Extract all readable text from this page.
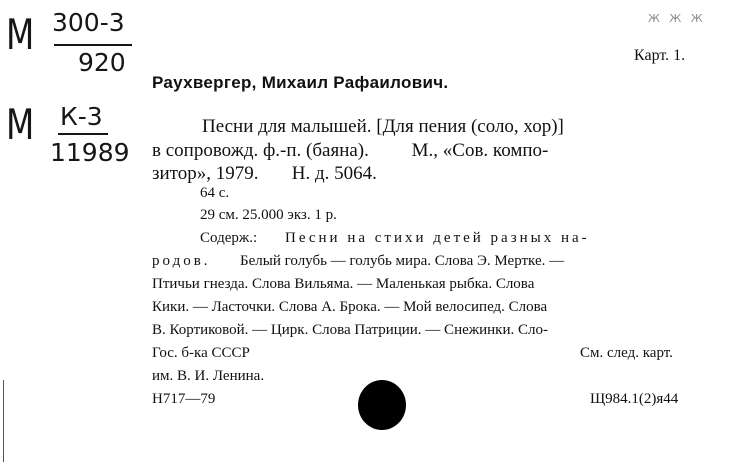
М 300-3
920
М К-3
11989
Ж Ж Ж
Карт. 1.
Раухвергер, Михаил Рафаилович.
Песни для малышей. [Для пения (соло, хор)]
в сопровожд. ф.-п. (баяна).         М., «Сов. компо-
зитор», 1979.       Н. д. 5064.
64 с.
29 см. 25.000 экз. 1 р.
Содерж.: Песни на стихи детей разных на-
родов. Белый голубь — голубь мира. Слова Э. Мертке. —
Птичьи гнезда. Слова Вильяма. — Маленькая рыбка. Слова
Кики. — Ласточки. Слова А. Брока. — Мой велосипед. Слова
В. Кортиковой. — Цирк. Слова Патриции. — Снежинки. Сло-
Гос. б-ка СССР	См. след. карт.
им. В. И. Ленина.
Н717—79	Щ984.1(2)я44
